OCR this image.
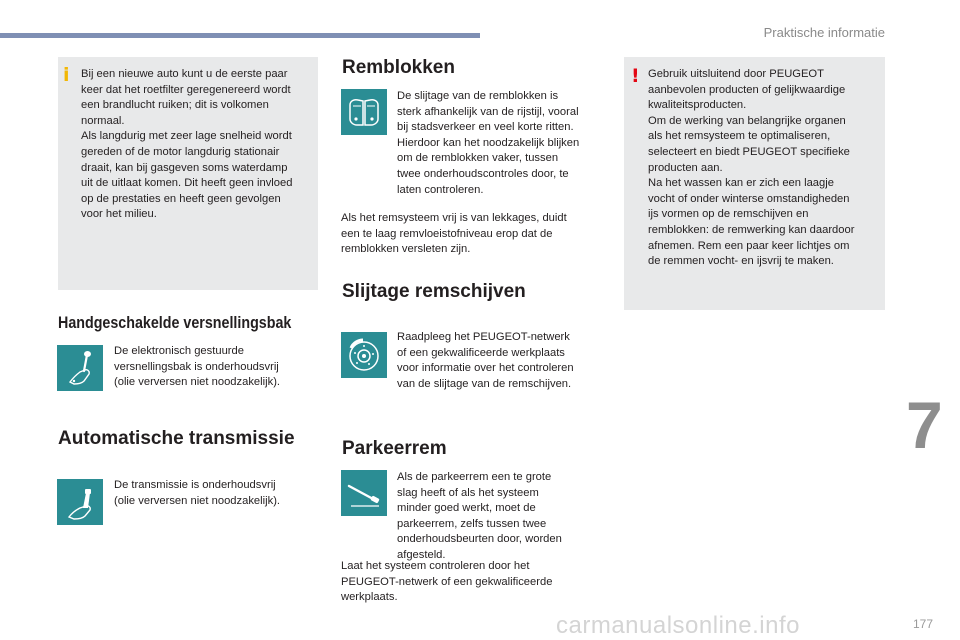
Praktische informatie
7
177
carmanualsonline.info
i Bij een nieuwe auto kunt u de eerste paar
keer dat het roetfilter geregenereerd wordt
een brandlucht ruiken; dit is volkomen
normaal.
Als langdurig met zeer lage snelheid wordt
gereden of de motor langdurig stationair
draait, kan bij gasgeven soms waterdamp
uit de uitlaat komen. Dit heeft geen invloed
op de prestaties en heeft geen gevolgen
voor het milieu.
Handgeschakelde versnellingsbak
De elektronisch gestuurde
versnellingsbak is onderhoudsvrij
(olie verversen niet noodzakelijk).
Automatische transmissie
De transmissie is onderhoudsvrij
(olie verversen niet noodzakelijk).
Remblokken
De slijtage van de remblokken is
sterk afhankelijk van de rijstijl, vooral
bij stadsverkeer en veel korte ritten.
Hierdoor kan het noodzakelijk blijken
om de remblokken vaker, tussen
twee onderhoudscontroles door, te
laten controleren.
Als het remsysteem vrij is van lekkages, duidt
een te laag remvloeistofniveau erop dat de
remblokken versleten zijn.
Slijtage remschijven
Raadpleeg het PEUGEOT-netwerk
of een gekwalificeerde werkplaats
voor informatie over het controleren
van de slijtage van de remschijven.
Parkeerrem
Als de parkeerrem een te grote
slag heeft of als het systeem
minder goed werkt, moet de
parkeerrem, zelfs tussen twee
onderhoudsbeurten door, worden
afgesteld.
Laat het systeem controleren door het
PEUGEOT-netwerk of een gekwalificeerde
werkplaats.
! Gebruik uitsluitend door PEUGEOT
aanbevolen producten of gelijkwaardige
kwaliteitsproducten.
Om de werking van belangrijke organen
als het remsysteem te optimaliseren,
selecteert en biedt PEUGEOT specifieke
producten aan.
Na het wassen kan er zich een laagje
vocht of onder winterse omstandigheden
ijs vormen op de remschijven en
remblokken: de remwerking kan daardoor
afnemen. Rem een paar keer lichtjes om
de remmen vocht- en ijsvrij te maken.
